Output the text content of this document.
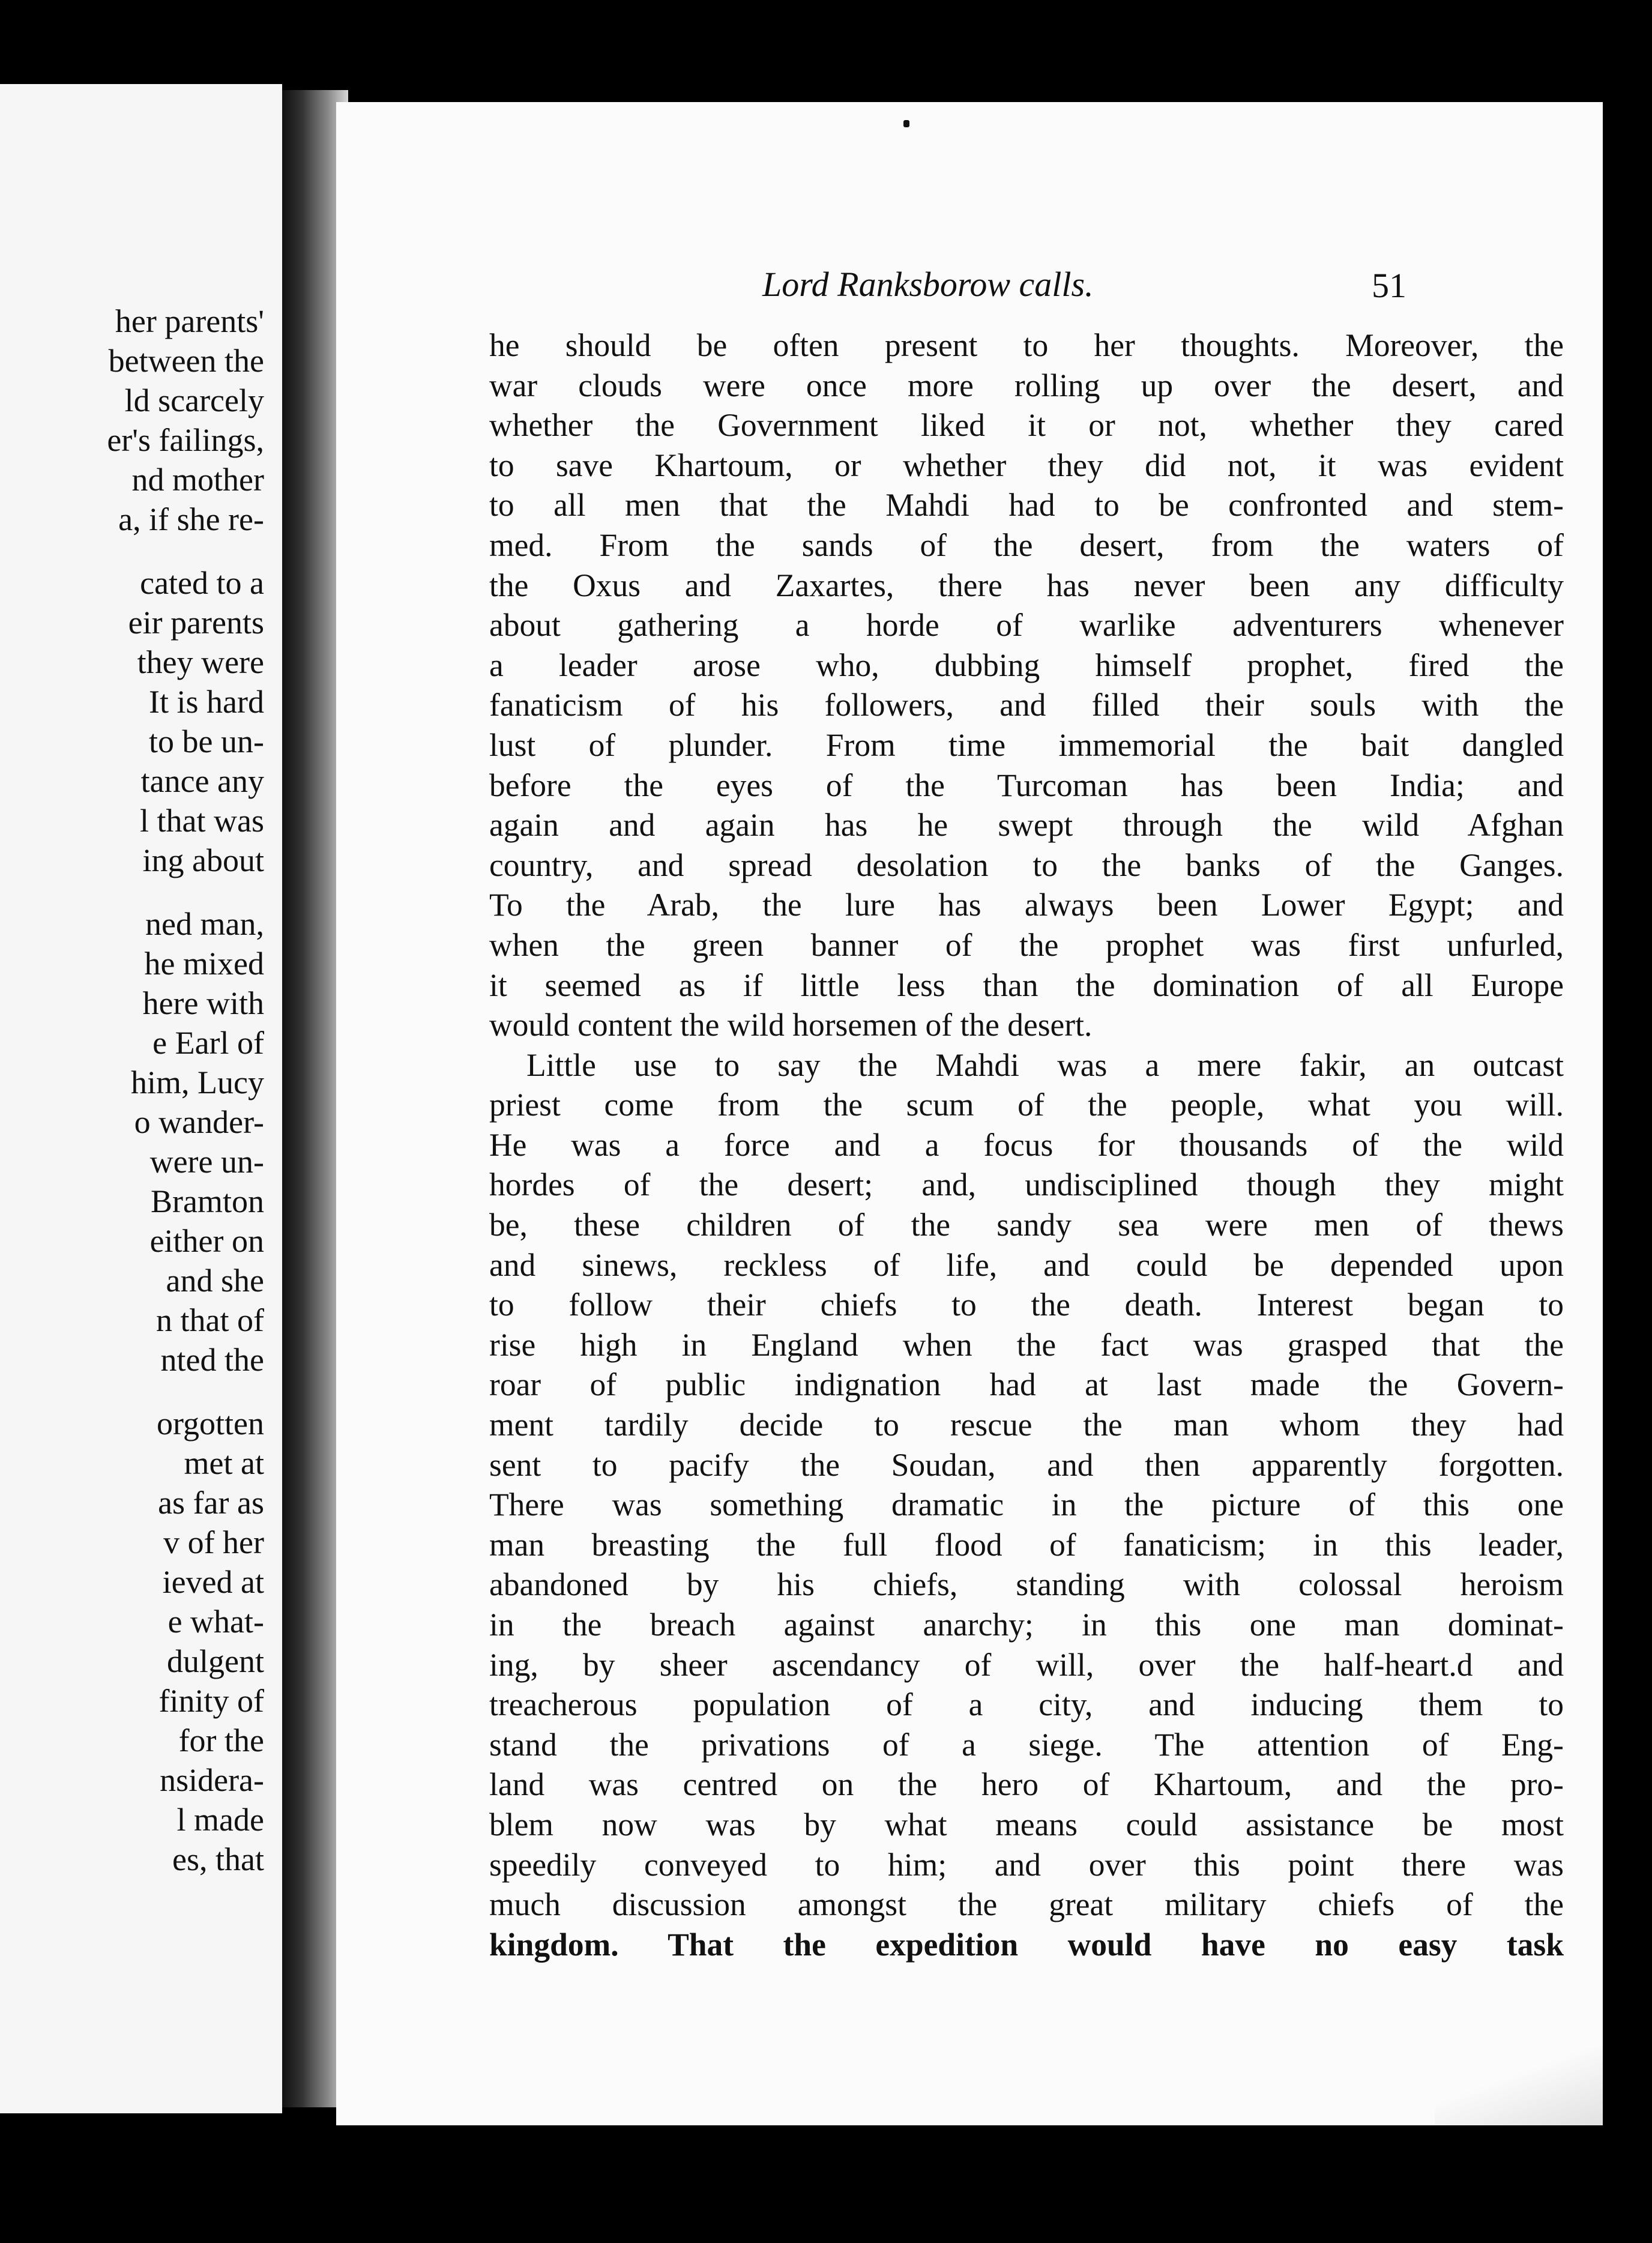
her parents'
between the
ld scarcely
er's failings,
nd mother
a, if she re-
cated to a
eir parents
they were
It is hard
to be un-
tance any
l that was
ing about
ned man,
he mixed
here with
e Earl of
him, Lucy
o wander-
were un-
Bramton
either on
and she
n that of
nted the
orgotten
met at
as far as
v of her
ieved at
e what-
dulgent
finity of
for the
nsidera-
l made
es, that
Lord Ranksborow calls.	51
he should be often present to her thoughts. Moreover, the
war clouds were once more rolling up over the desert, and
whether the Government liked it or not, whether they cared
to save Khartoum, or whether they did not, it was evident
to all men that the Mahdi had to be confronted and stem-
med. From the sands of the desert, from the waters of
the Oxus and Zaxartes, there has never been any difficulty
about gathering a horde of warlike adventurers whenever
a leader arose who, dubbing himself prophet, fired the
fanaticism of his followers, and filled their souls with the
lust of plunder. From time immemorial the bait dangled
before the eyes of the Turcoman has been India; and
again and again has he swept through the wild Afghan
country, and spread desolation to the banks of the Ganges.
To the Arab, the lure has always been Lower Egypt; and
when the green banner of the prophet was first unfurled,
it seemed as if little less than the domination of all Europe
would content the wild horsemen of the desert.
Little use to say the Mahdi was a mere fakir, an outcast
priest come from the scum of the people, what you will.
He was a force and a focus for thousands of the wild
hordes of the desert; and, undisciplined though they might
be, these children of the sandy sea were men of thews
and sinews, reckless of life, and could be depended upon
to follow their chiefs to the death. Interest began to
rise high in England when the fact was grasped that the
roar of public indignation had at last made the Govern-
ment tardily decide to rescue the man whom they had
sent to pacify the Soudan, and then apparently forgotten.
There was something dramatic in the picture of this one
man breasting the full flood of fanaticism; in this leader,
abandoned by his chiefs, standing with colossal heroism
in the breach against anarchy; in this one man dominat-
ing, by sheer ascendancy of will, over the half-heart.d and
treacherous population of a city, and inducing them to
stand the privations of a siege. The attention of Eng-
land was centred on the hero of Khartoum, and the pro-
blem now was by what means could assistance be most
speedily conveyed to him; and over this point there was
much discussion amongst the great military chiefs of the
kingdom. That the expedition would have no easy task
